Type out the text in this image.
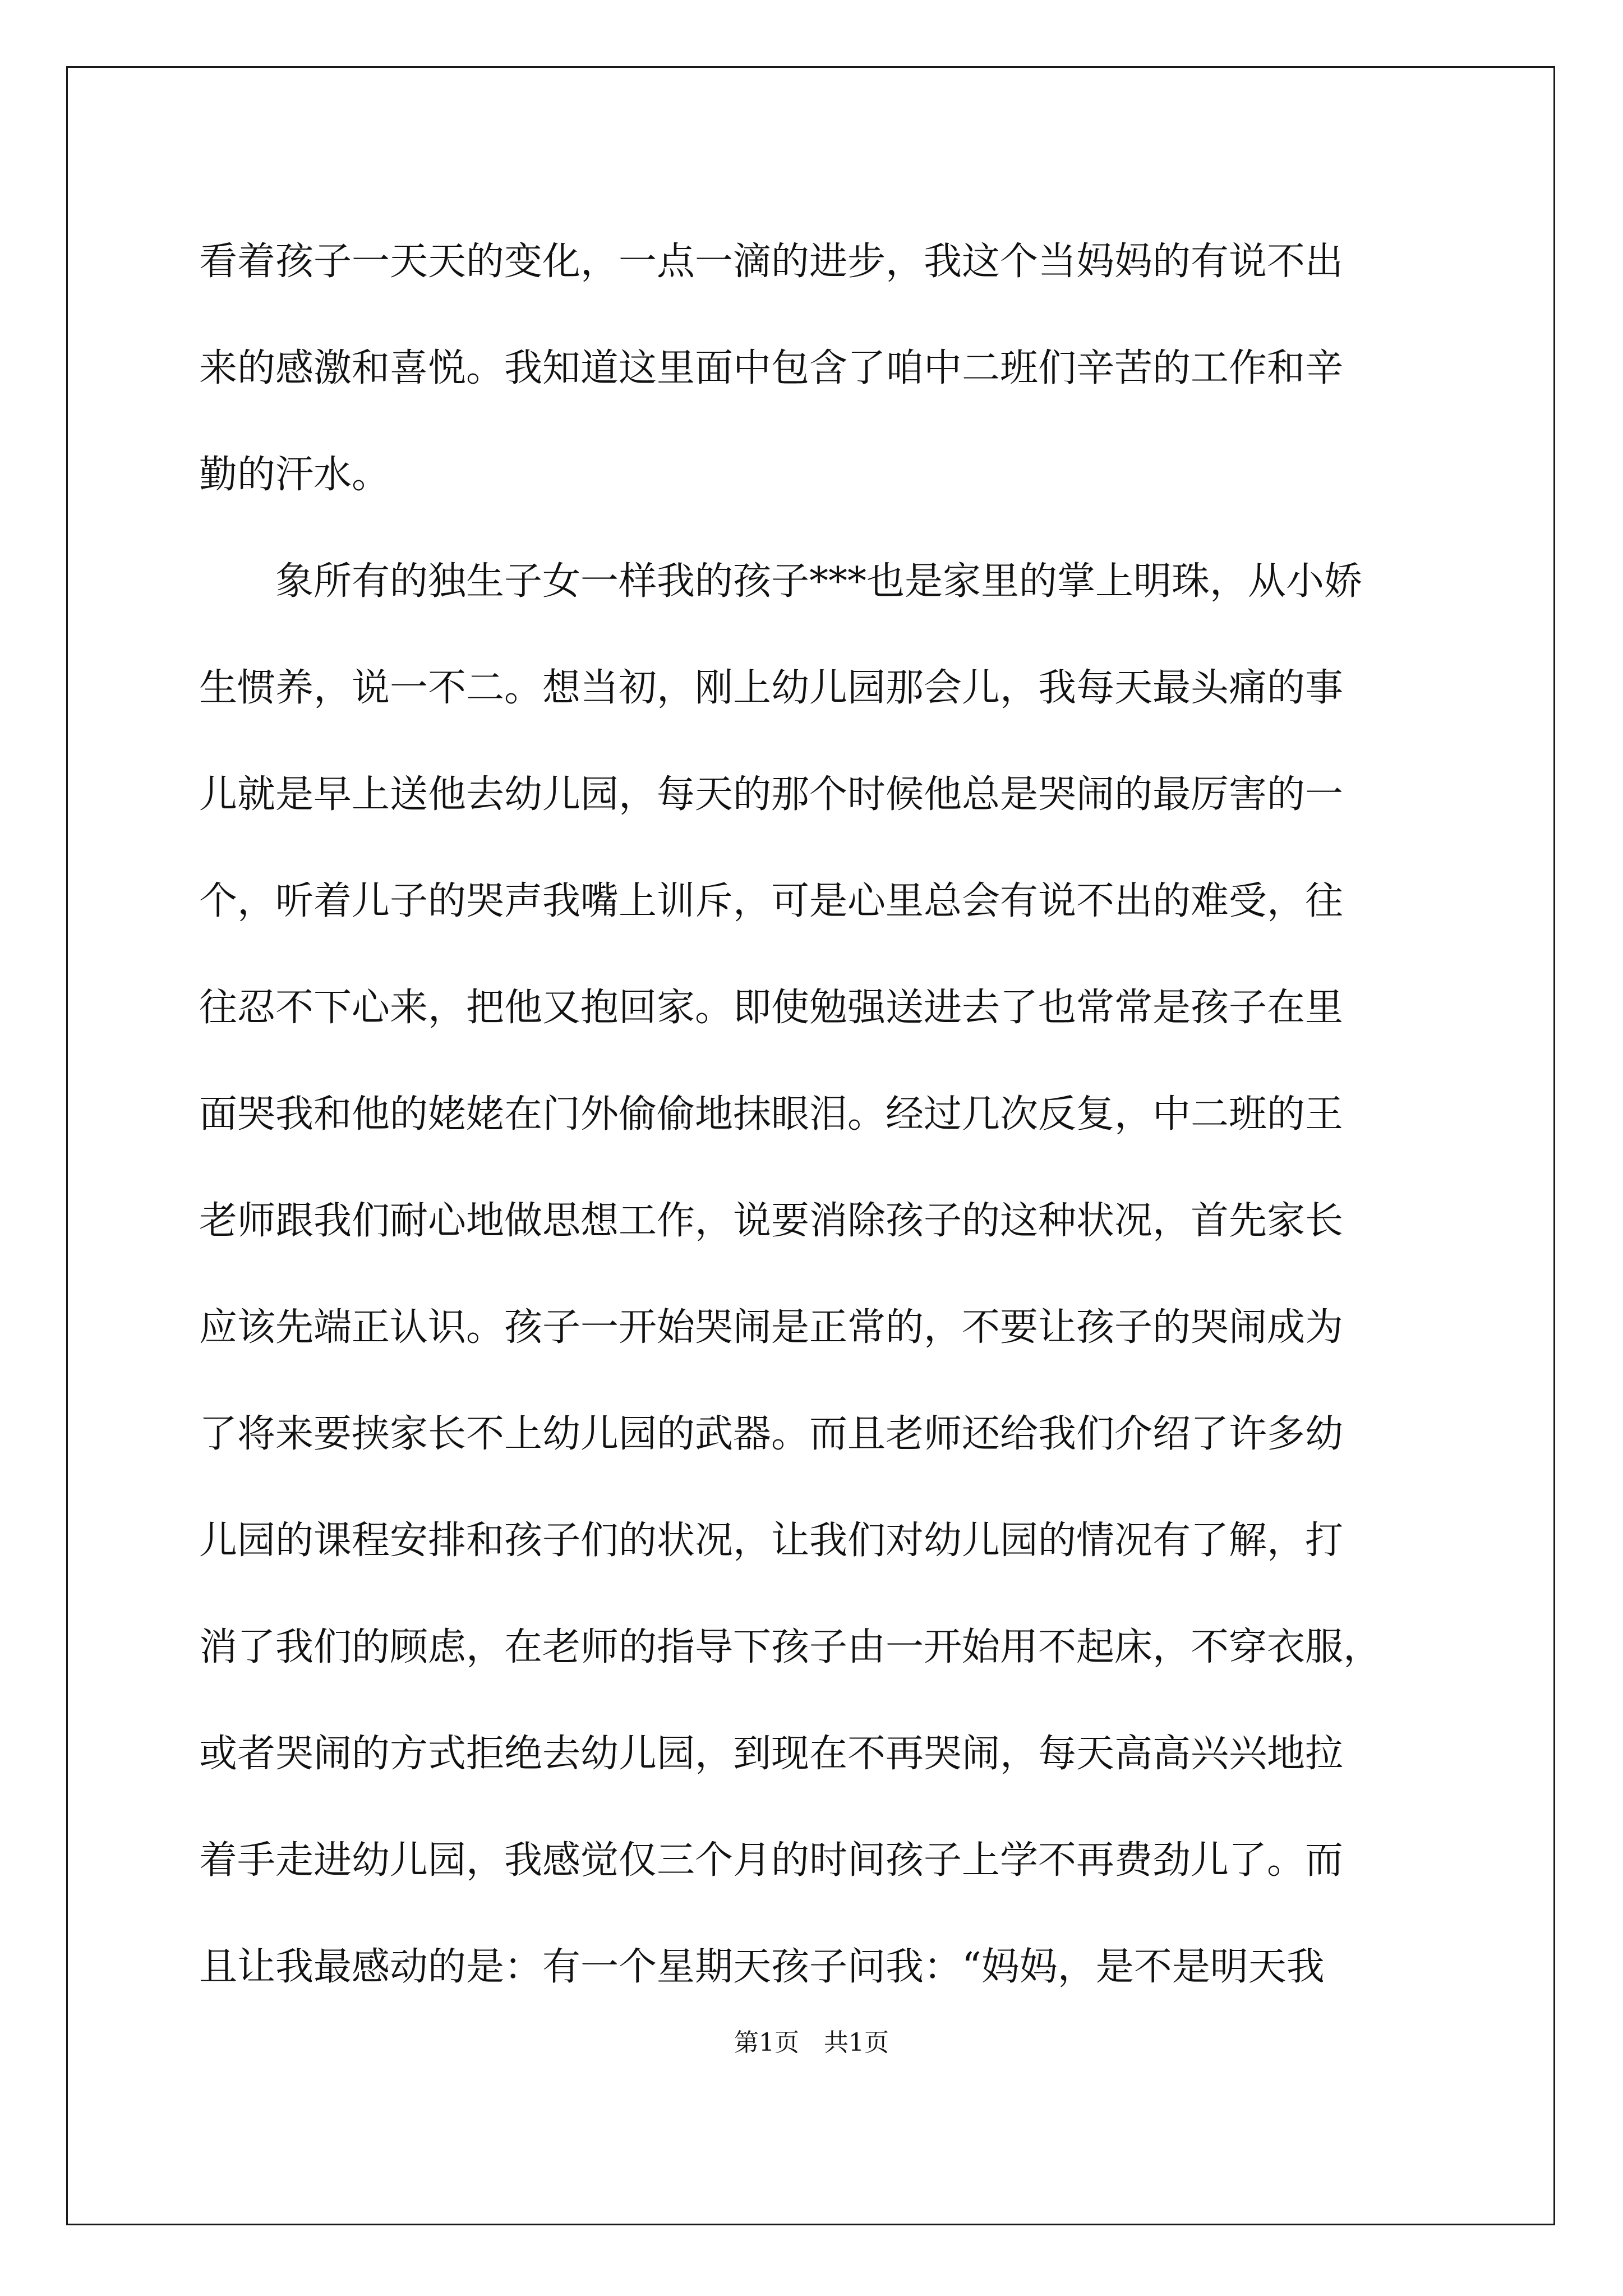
看着孩子一天天的变化，一点一滴的进步，我这个当妈妈的有说不出
来的感激和喜悦。我知道这里面中包含了咱中二班们辛苦的工作和辛
勤的汗水。
　　象所有的独生子女一样我的孩子***也是家里的掌上明珠，从小娇
生惯养，说一不二。想当初，刚上幼儿园那会儿，我每天最头痛的事
儿就是早上送他去幼儿园，每天的那个时候他总是哭闹的最厉害的一
个，听着儿子的哭声我嘴上训斥，可是心里总会有说不出的难受，往
往忍不下心来，把他又抱回家。即使勉强送进去了也常常是孩子在里
面哭我和他的姥姥在门外偷偷地抹眼泪。经过几次反复，中二班的王
老师跟我们耐心地做思想工作，说要消除孩子的这种状况，首先家长
应该先端正认识。孩子一开始哭闹是正常的，不要让孩子的哭闹成为
了将来要挟家长不上幼儿园的武器。而且老师还给我们介绍了许多幼
儿园的课程安排和孩子们的状况，让我们对幼儿园的情况有了解，打
消了我们的顾虑，在老师的指导下孩子由一开始用不起床，不穿衣服，
或者哭闹的方式拒绝去幼儿园，到现在不再哭闹，每天高高兴兴地拉
着手走进幼儿园，我感觉仅三个月的时间孩子上学不再费劲儿了。而
且让我最感动的是：有一个星期天孩子问我：“妈妈，是不是明天我
第1页　共1页
